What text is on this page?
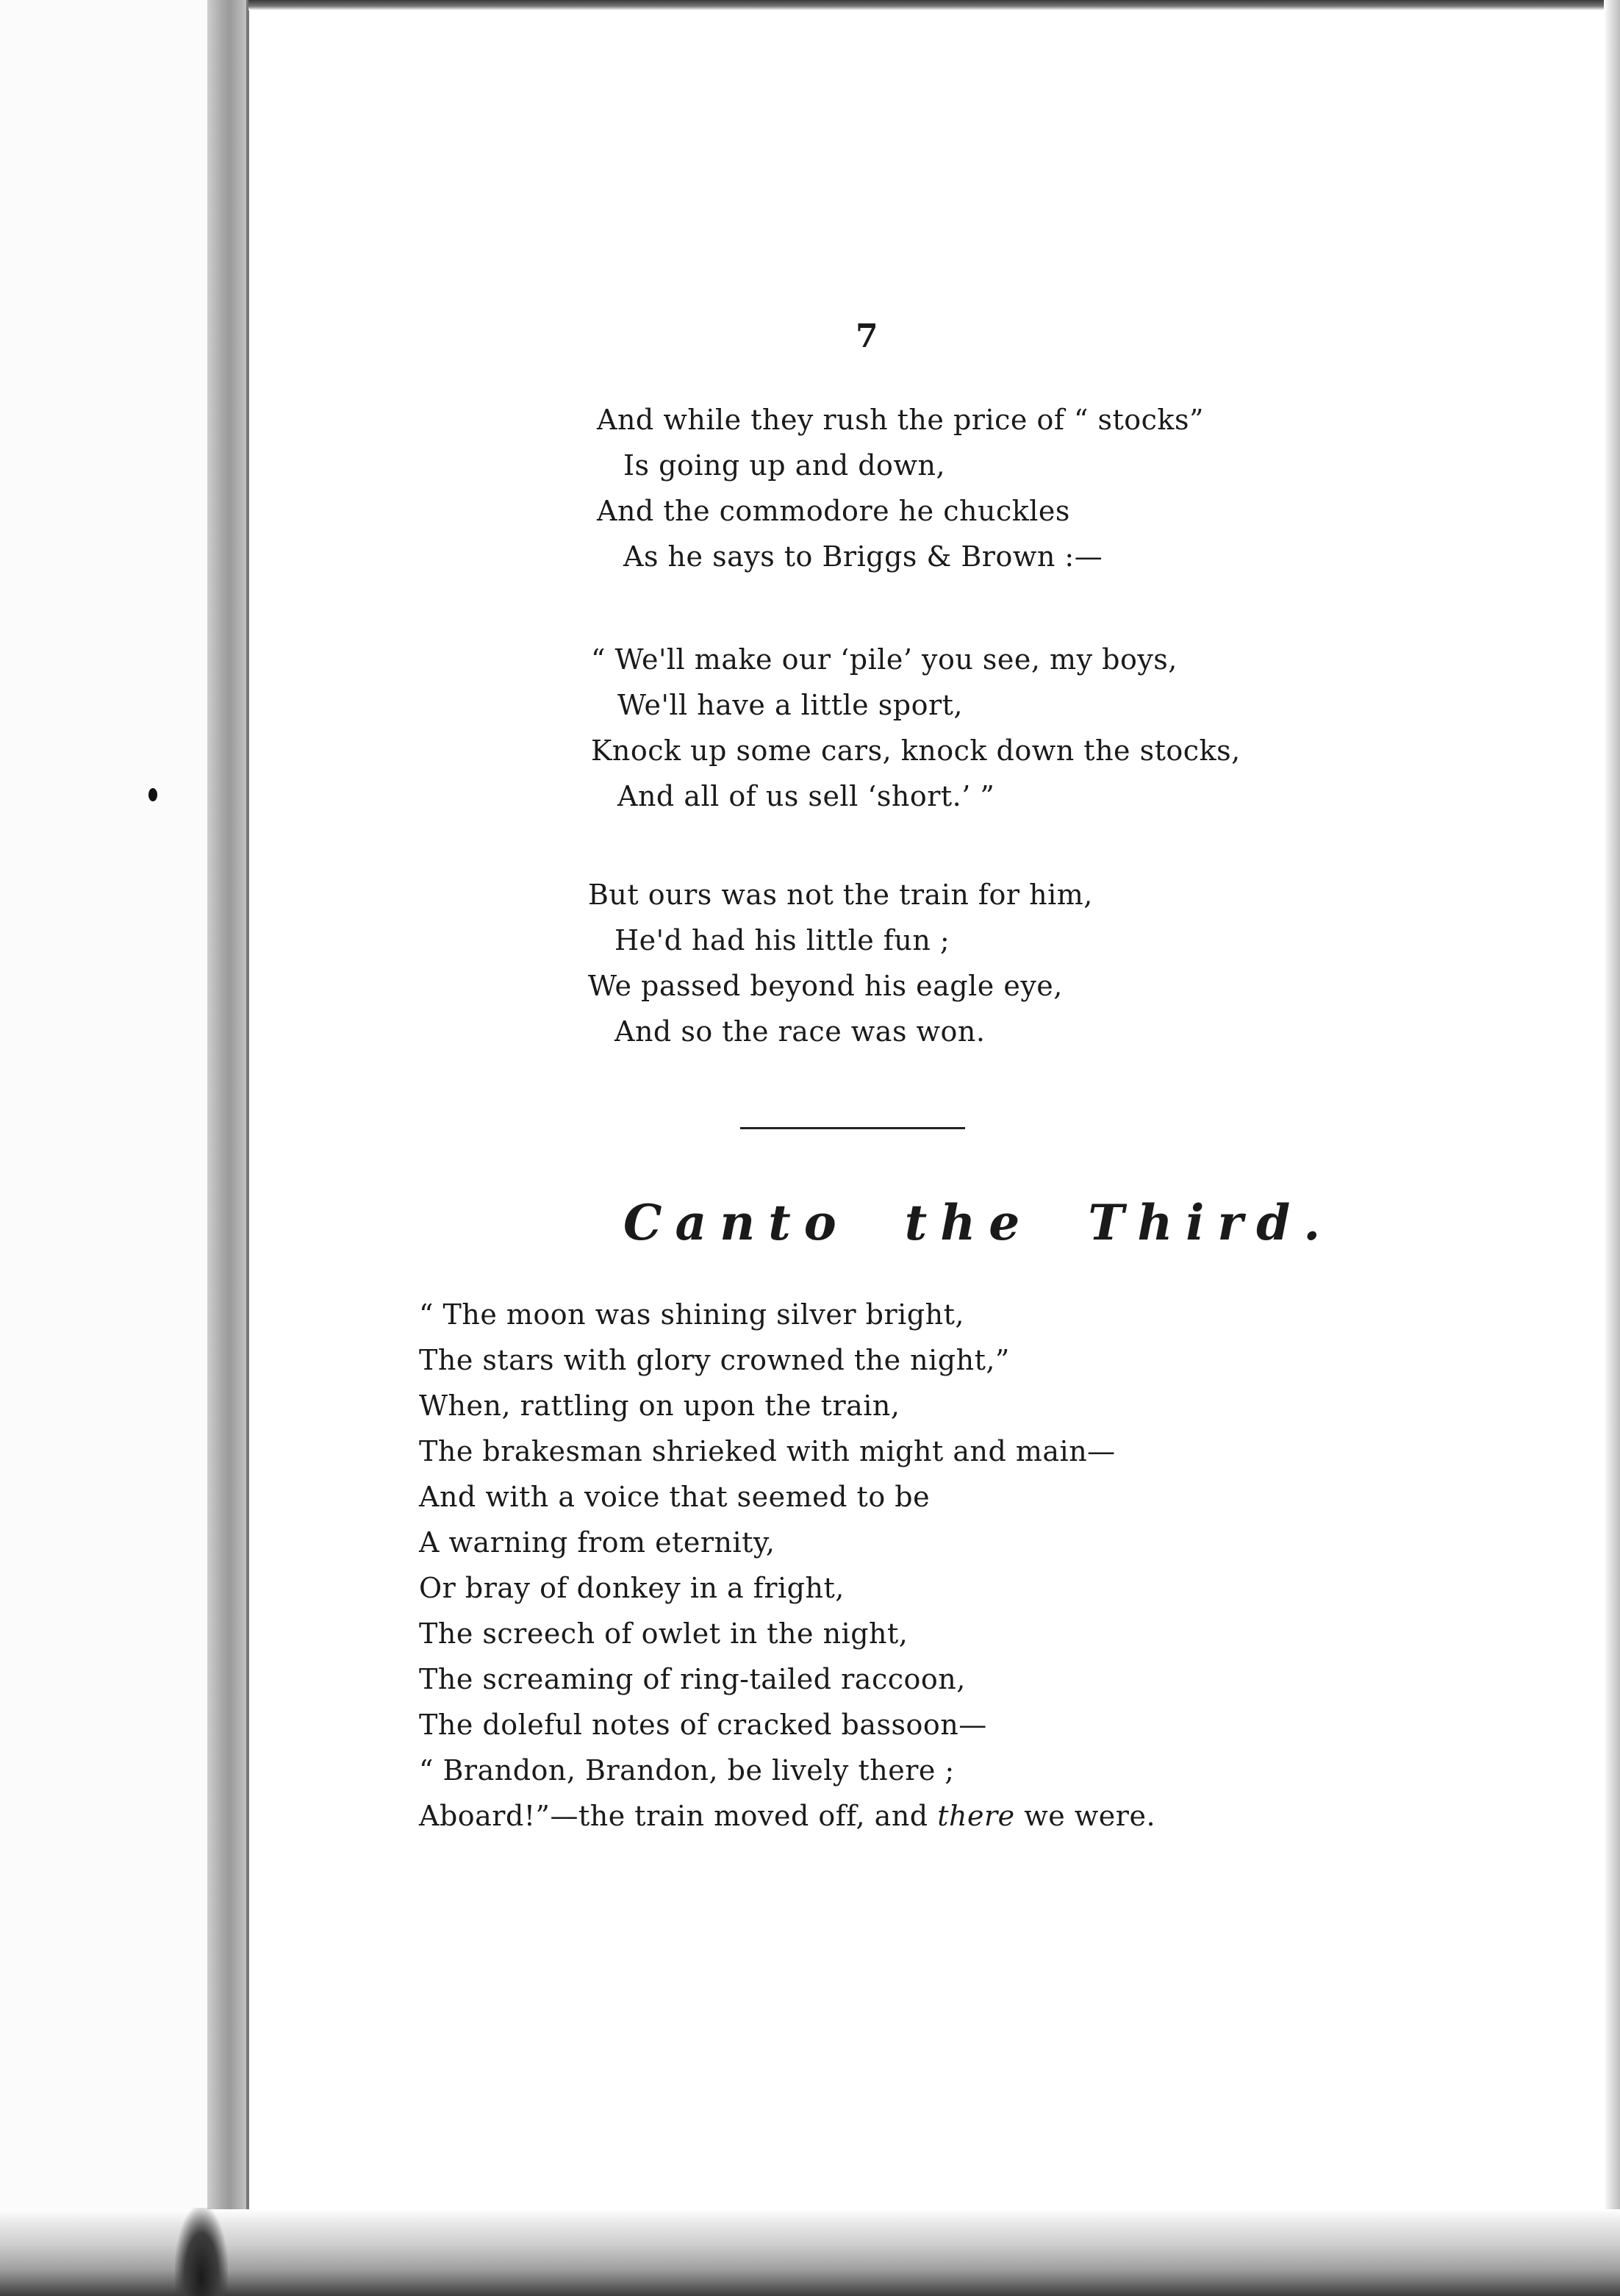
7
And while they rush the price of “ stocks”
Is going up and down,
And the commodore he chuckles
As he says to Briggs & Brown :—
“ We'll make our ‘pile’ you see, my boys,
We'll have a little sport,
Knock up some cars, knock down the stocks,
And all of us sell ‘short.’ ”
But ours was not the train for him,
He'd had his little fun ;
We passed beyond his eagle eye,
And so the race was won.
Canto the Third.
“ The moon was shining silver bright,
The stars with glory crowned the night,”
When, rattling on upon the train,
The brakesman shrieked with might and main—
And with a voice that seemed to be
A warning from eternity,
Or bray of donkey in a fright,
The screech of owlet in the night,
The screaming of ring-tailed raccoon,
The doleful notes of cracked bassoon—
“ Brandon, Brandon, be lively there ;
Aboard!”—the train moved off, and there we were.
